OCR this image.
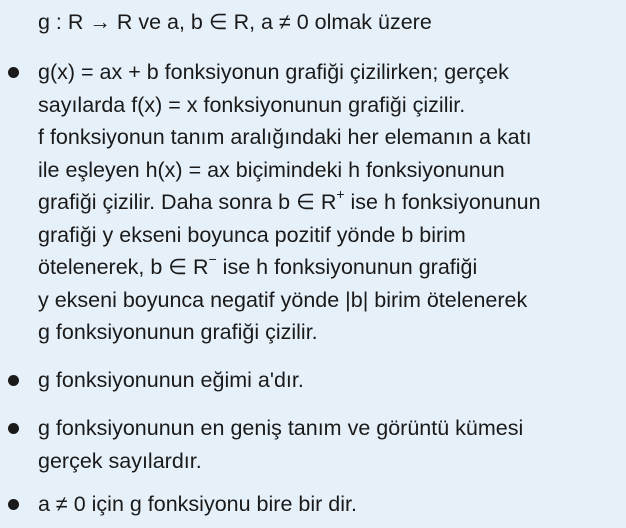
g : R → R ve a, b ∈ R, a ≠ 0 olmak üzere
g(x) = ax + b fonksiyonun grafiği çizilirken; gerçek
sayılarda f(x) = x fonksiyonunun grafiği çizilir.
f fonksiyonun tanım aralığındaki her elemanın a katı
ile eşleyen h(x) = ax biçimindeki h fonksiyonunun
grafiği çizilir. Daha sonra b ∈ R+ ise h fonksiyonunun
grafiği y ekseni boyunca pozitif yönde b birim
ötelenerek, b ∈ R− ise h fonksiyonunun grafiği
y ekseni boyunca negatif yönde |b| birim ötelenerek
g fonksiyonunun grafiği çizilir.
g fonksiyonunun eğimi a'dır.
g fonksiyonunun en geniş tanım ve görüntü kümesi
gerçek sayılardır.
a ≠ 0 için g fonksiyonu bire bir dir.
